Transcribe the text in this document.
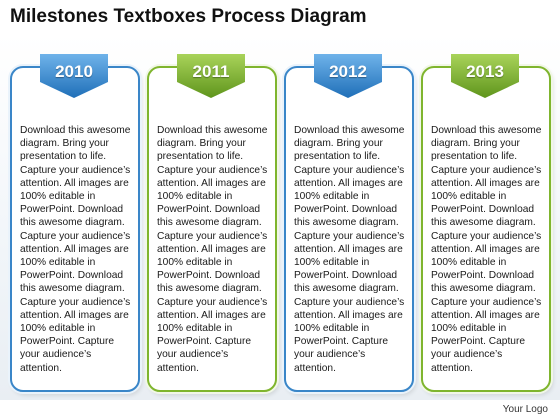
Milestones Textboxes Process Diagram
Download this awesome diagram. Bring your presentation to life. Capture your audience’s attention. All images are 100% editable in PowerPoint. Download this awesome diagram. Capture your audience’s attention. All images are 100% editable in PowerPoint. Download this awesome diagram. Capture your audience’s attention. All images are 100% editable in PowerPoint. Capture your audience’s attention.
2010
Download this awesome diagram. Bring your presentation to life. Capture your audience’s attention. All images are 100% editable in PowerPoint. Download this awesome diagram. Capture your audience’s attention. All images are 100% editable in PowerPoint. Download this awesome diagram. Capture your audience’s attention. All images are 100% editable in PowerPoint. Capture your audience’s attention.
2011
Download this awesome diagram. Bring your presentation to life. Capture your audience’s attention. All images are 100% editable in PowerPoint. Download this awesome diagram. Capture your audience’s attention. All images are 100% editable in PowerPoint. Download this awesome diagram. Capture your audience’s attention. All images are 100% editable in PowerPoint. Capture your audience’s attention.
2012
Download this awesome diagram. Bring your presentation to life. Capture your audience’s attention. All images are 100% editable in PowerPoint. Download this awesome diagram. Capture your audience’s attention. All images are 100% editable in PowerPoint. Download this awesome diagram. Capture your audience’s attention. All images are 100% editable in PowerPoint. Capture your audience’s attention.
2013
Your Logo
